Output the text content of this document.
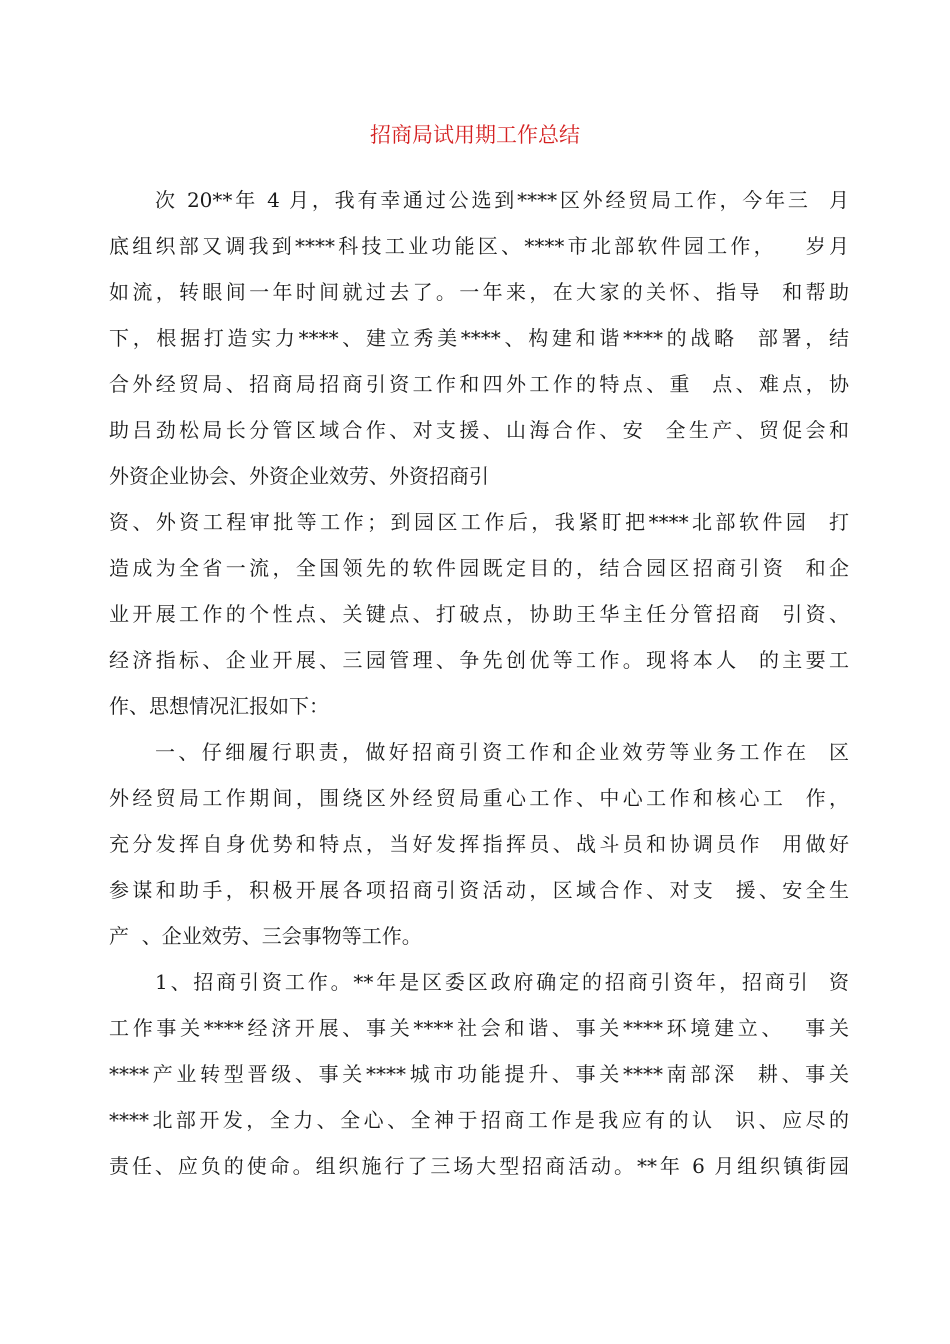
招商局试用期工作总结
次 20**年 4 月，我有幸通过公选到****区外经贸局工作，今年三  月
底组织部又调我到****科技工业功能区、****市北部软件园工作，   岁月
如流，转眼间一年时间就过去了。一年来，在大家的关怀、指导  和帮助
下，根据打造实力****、建立秀美****、构建和谐****的战略  部署，结
合外经贸局、招商局招商引资工作和四外工作的特点、重  点、难点，协
助吕劲松局长分管区域合作、对支援、山海合作、安  全生产、贸促会和
外资企业协会、外资企业效劳、外资招商引
资、外资工程审批等工作；到园区工作后，我紧盯把****北部软件园  打
造成为全省一流，全国领先的软件园既定目的，结合园区招商引资  和企
业开展工作的个性点、关键点、打破点，协助王华主任分管招商  引资、
经济指标、企业开展、三园管理、争先创优等工作。现将本人  的主要工
作、思想情况汇报如下：
一、仔细履行职责，做好招商引资工作和企业效劳等业务工作在  区
外经贸局工作期间，围绕区外经贸局重心工作、中心工作和核心工  作，
充分发挥自身优势和特点，当好发挥指挥员、战斗员和协调员作  用做好
参谋和助手，积极开展各项招商引资活动，区域合作、对支  援、安全生
产  、企业效劳、三会事物等工作。
1、招商引资工作。**年是区委区政府确定的招商引资年，招商引  资
工作事关****经济开展、事关****社会和谐、事关****环境建立、  事关
****产业转型晋级、事关****城市功能提升、事关****南部深  耕、事关
****北部开发，全力、全心、全神于招商工作是我应有的认  识、应尽的
责任、应负的使命。组织施行了三场大型招商活动。**年 6 月组织镇街园
